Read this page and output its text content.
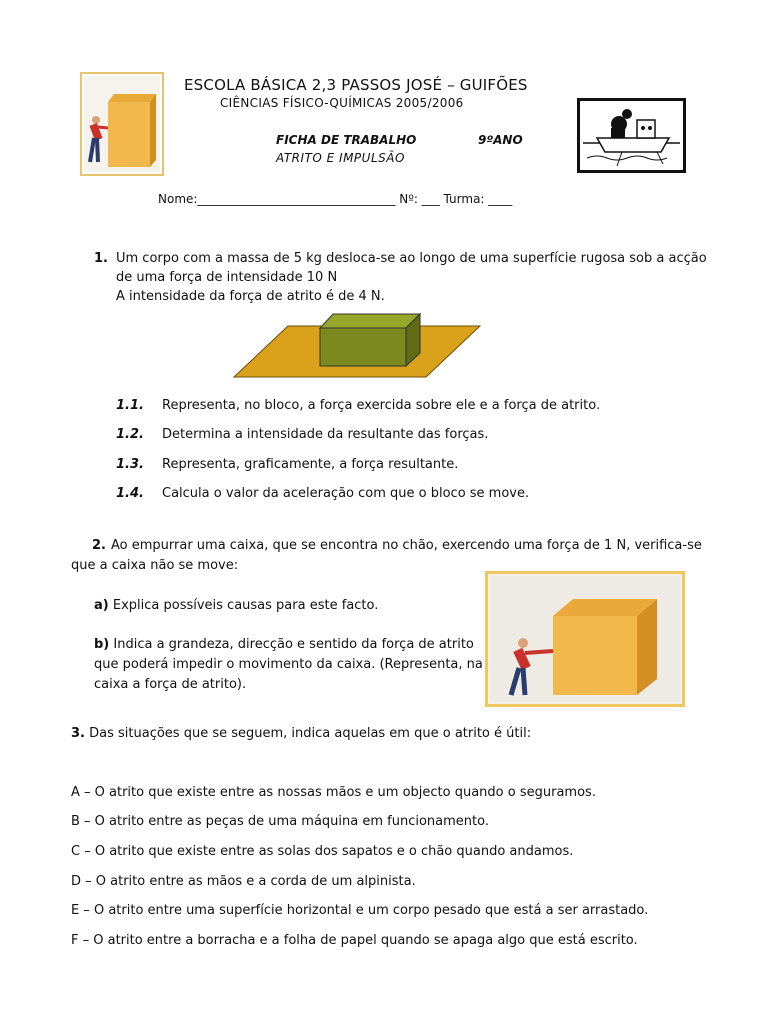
ESCOLA BÁSICA 2,3 PASSOS JOSÉ – GUIFÕES
CIÊNCIAS FÍSICO-QUÍMICAS 2005/2006
FICHA DE TRABALHO	9ºANO
ATRITO E IMPULSÃO
Nome:_________________________________ Nº: ___ Turma: ____
1. Um corpo com a massa de 5 kg desloca-se ao longo de uma superfície rugosa sob a acção
de uma força de intensidade 10 N
A intensidade da força de atrito é de 4 N.
1.1. Representa, no bloco, a força exercida sobre ele e a força de atrito.
1.2. Determina a intensidade da resultante das forças.
1.3. Representa, graficamente, a força resultante.
1.4. Calcula o valor da aceleração com que o bloco se move.
2. Ao empurrar uma caixa, que se encontra no chão, exercendo uma força de 1 N, verifica-se
que a caixa não se move:
a) Explica possíveis causas para este facto.
b) Indica a grandeza, direcção e sentido da força de atrito
que poderá impedir o movimento da caixa. (Representa, na
caixa a força de atrito).
3. Das situações que se seguem, indica aquelas em que o atrito é útil:
A – O atrito que existe entre as nossas mãos e um objecto quando o seguramos.
B – O atrito entre as peças de uma máquina em funcionamento.
C – O atrito que existe entre as solas dos sapatos e o chão quando andamos.
D – O atrito entre as mãos e a corda de um alpinista.
E – O atrito entre uma superfície horizontal e um corpo pesado que está a ser arrastado.
F – O atrito entre a borracha e a folha de papel quando se apaga algo que está escrito.
